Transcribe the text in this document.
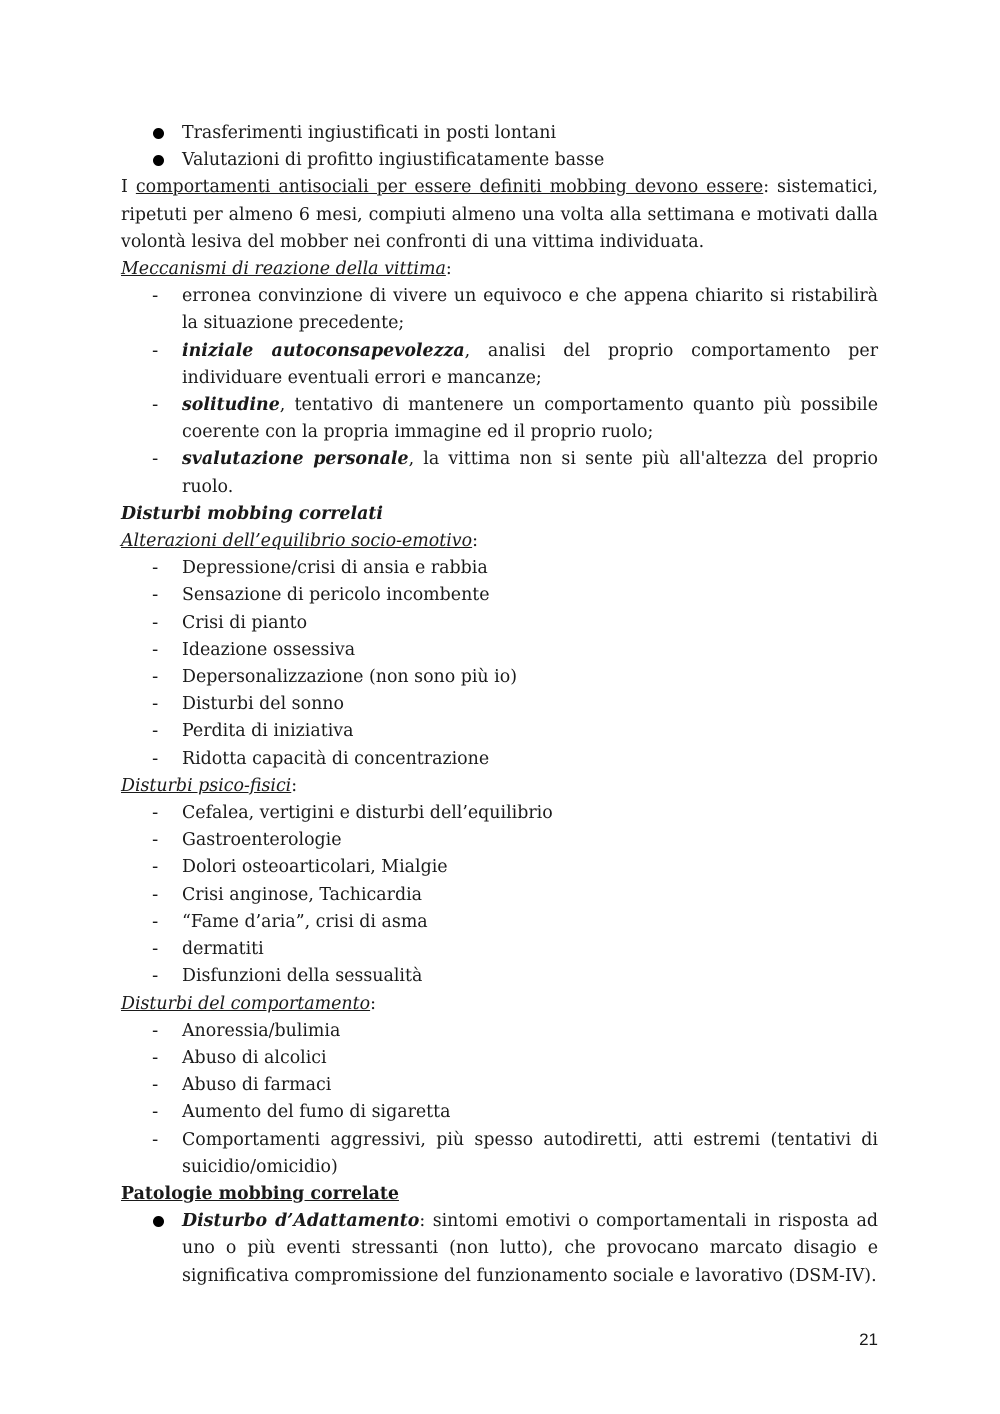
Trasferimenti ingiustificati in posti lontani
Valutazioni di profitto ingiustificatamente basse

I comportamenti antisociali per essere definiti mobbing devono essere: sistematici, ripetuti per almeno 6 mesi, compiuti almeno una volta alla settimana e motivati dalla volontà lesiva del mobber nei confronti di una vittima individuata.

Meccanismi di reazione della vittima:

- erronea convinzione di vivere un equivoco e che appena chiarito si ristabilirà la situazione precedente;
- iniziale autoconsapevolezza, analisi del proprio comportamento per individuare eventuali errori e mancanze;
- solitudine, tentativo di mantenere un comportamento quanto più possibile coerente con la propria immagine ed il proprio ruolo;
- svalutazione personale, la vittima non si sente più all'altezza del proprio ruolo.

Disturbi mobbing correlati

Alterazioni dell’equilibrio socio-emotivo:

- Depressione/crisi di ansia e rabbia
- Sensazione di pericolo incombente
- Crisi di pianto
- Ideazione ossessiva
- Depersonalizzazione (non sono più io)
- Disturbi del sonno
- Perdita di iniziativa
- Ridotta capacità di concentrazione

Disturbi psico-fisici:

- Cefalea, vertigini e disturbi dell’equilibrio
- Gastroenterologie
- Dolori osteoarticolari, Mialgie
- Crisi anginose, Tachicardia
- “Fame d’aria”, crisi di asma
- dermatiti
- Disfunzioni della sessualità

Disturbi del comportamento:

- Anoressia/bulimia
- Abuso di alcolici
- Abuso di farmaci
- Aumento del fumo di sigaretta
- Comportamenti aggressivi, più spesso autodiretti, atti estremi (tentativi di suicidio/omicidio)

Patologie mobbing correlate

Disturbo d’Adattamento: sintomi emotivi o comportamentali in risposta ad uno o più eventi stressanti (non lutto), che provocano marcato disagio e significativa compromissione del funzionamento sociale e lavorativo (DSM-IV).
21
